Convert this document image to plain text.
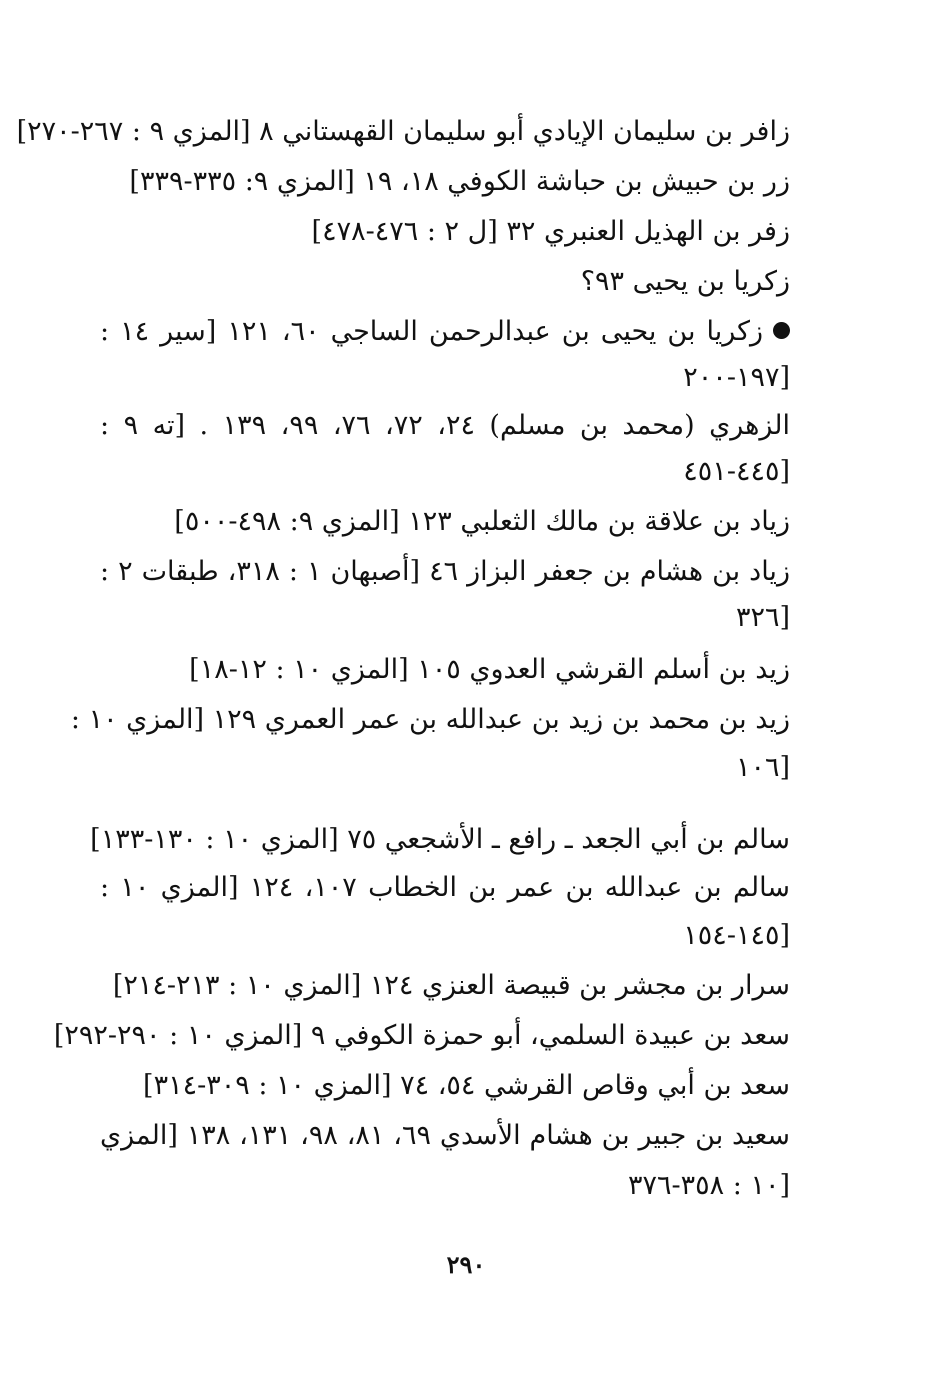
زافر بن سليمان الإيادي أبو سليمان القهستاني ٨ [المزي ٩ : ٢٦٧-٢٧٠]
زر بن حبيش بن حباشة الكوفي ١٨، ١٩ [المزي ٩: ٣٣٥-٣٣٩]
زفر بن الهذيل العنبري ٣٢ [ل ٢ : ٤٧٦-٤٧٨]
زكريا بن يحيى ٩٣؟
زكريا بن يحيى بن عبدالرحمن الساجي ٦٠، ١٢١ [سير ١٤ :
١٩٧-٢٠٠]
الزهري (محمد بن مسلم) ٢٤، ٧٢، ٧٦، ٩٩، ١٣٩ . [ته ٩ :
٤٤٥-٤٥١]
زياد بن علاقة بن مالك الثعلبي ١٢٣ [المزي ٩: ٤٩٨-٥٠٠]
زياد بن هشام بن جعفر البزاز ٤٦ [أصبهان ١ : ٣١٨، طبقات ٢ :
٣٢٦]
زيد بن أسلم القرشي العدوي ١٠٥ [المزي ١٠ : ١٢-١٨]
زيد بن محمد بن زيد بن عبدالله بن عمر العمري ١٢٩ [المزي ١٠ :
١٠٦]
سالم بن أبي الجعد ـ رافع ـ الأشجعي ٧٥ [المزي ١٠ : ١٣٠-١٣٣]
سالم بن عبدالله بن عمر بن الخطاب ١٠٧، ١٢٤ [المزي ١٠ :
١٤٥-١٥٤]
سرار بن مجشر بن قبيصة العنزي ١٢٤ [المزي ١٠ : ٢١٣-٢١٤]
سعد بن عبيدة السلمي، أبو حمزة الكوفي ٩ [المزي ١٠ : ٢٩٠-٢٩٢]
سعد بن أبي وقاص القرشي ٥٤، ٧٤ [المزي ١٠ : ٣٠٩-٣١٤]
سعيد بن جبير بن هشام الأسدي ٦٩، ٨١، ٩٨، ١٣١، ١٣٨ [المزي
١٠ : ٣٥٨-٣٧٦]
٢٩٠
